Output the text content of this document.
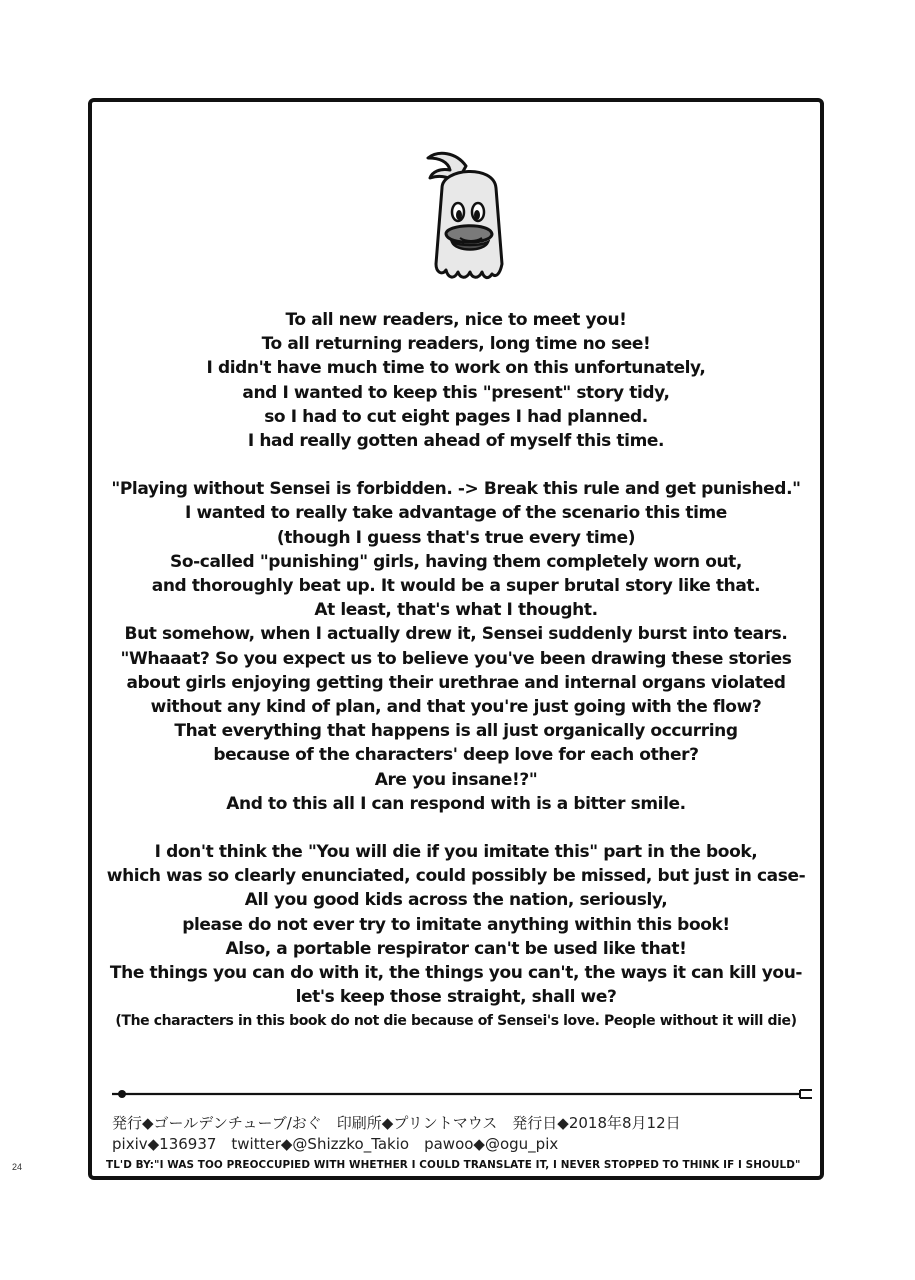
To all new readers, nice to meet you!
To all returning readers, long time no see!
I didn't have much time to work on this unfortunately,
and I wanted to keep this "present" story tidy,
so I had to cut eight pages I had planned.
I had really gotten ahead of myself this time.
"Playing without Sensei is forbidden. -> Break this rule and get punished."
I wanted to really take advantage of the scenario this time
(though I guess that's true every time)
So-called "punishing" girls, having them completely worn out,
and thoroughly beat up. It would be a super brutal story like that.
At least, that's what I thought.
But somehow, when I actually drew it, Sensei suddenly burst into tears.
"Whaaat? So you expect us to believe you've been drawing these stories
about girls enjoying getting their urethrae and internal organs violated
without any kind of plan, and that you're just going with the flow?
That everything that happens is all just organically occurring
because of the characters' deep love for each other?
Are you insane!?"
And to this all I can respond with is a bitter smile.
I don't think the "You will die if you imitate this" part in the book,
which was so clearly enunciated, could possibly be missed, but just in case-
All you good kids across the nation, seriously,
please do not ever try to imitate anything within this book!
Also, a portable respirator can't be used like that!
The things you can do with it, the things you can't, the ways it can kill you-
let's keep those straight, shall we?
(The characters in this book do not die because of Sensei's love. People without it will die)
発行◆ゴールデンチューブ/おぐ　印刷所◆プリントマウス　発行日◆2018年8月12日
pixiv◆136937　twitter◆@Shizzko_Takio　pawoo◆@ogu_pix
TL'D BY:"I WAS TOO PREOCCUPIED WITH WHETHER I COULD TRANSLATE IT, I NEVER STOPPED TO THINK IF I SHOULD"
24
